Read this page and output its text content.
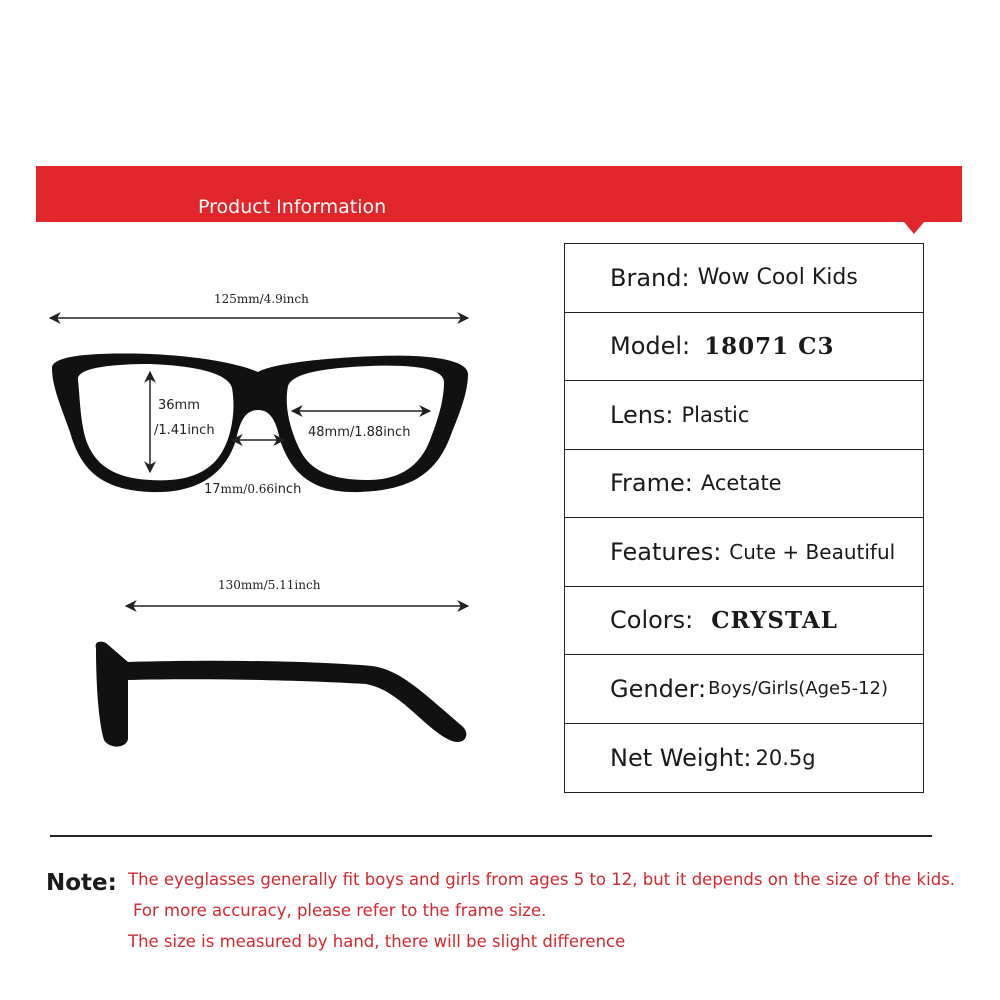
Product Information
125mm/4.9inch
36mm
/1.41inch	48mm/1.88inch
17mm/0.66inch
130mm/5.11inch
Brand: Wow Cool Kids
Model: 18071 C3
Lens: Plastic
Frame: Acetate
Features: Cute + Beautiful
Colors: CRYSTAL
Gender: Boys/Girls(Age5-12)
Net Weight: 20.5g
Note: The eyeglasses generally fit boys and girls from ages 5 to 12, but it depends on the size of the kids.
For more accuracy, please refer to the frame size.
The size is measured by hand, there will be slight difference
